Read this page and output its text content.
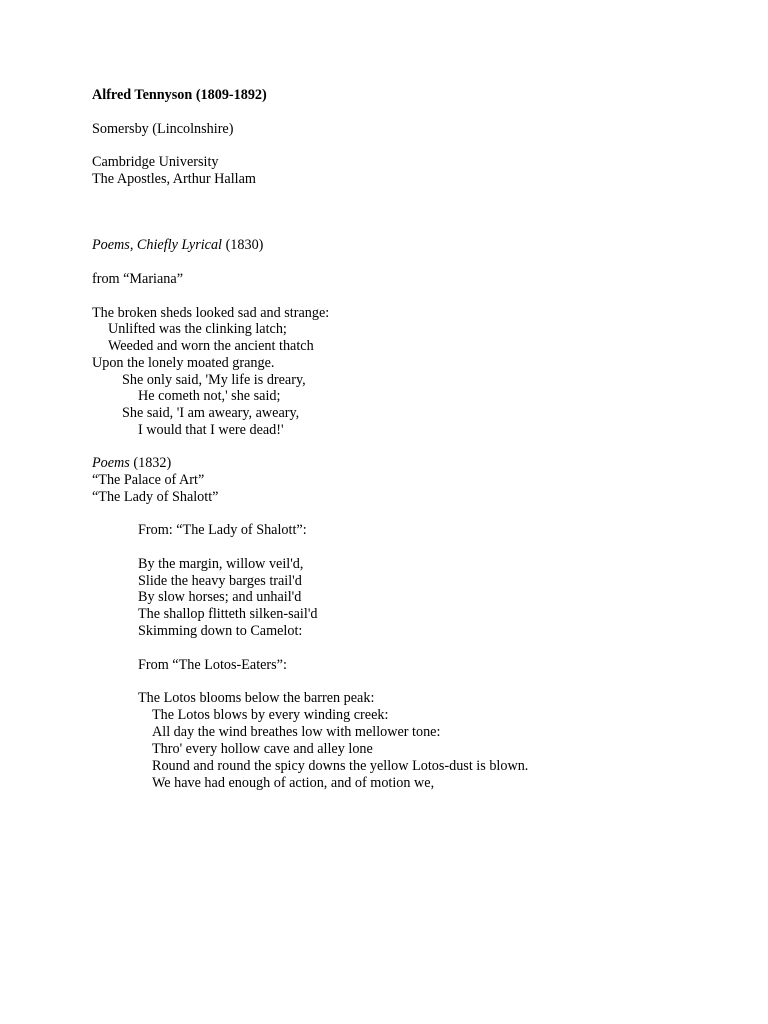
Alfred Tennyson (1809-1892)
Somersby (Lincolnshire)
Cambridge University
The Apostles, Arthur Hallam
Poems, Chiefly Lyrical (1830)
from “Mariana”
The broken sheds looked sad and strange:
Unlifted was the clinking latch;
Weeded and worn the ancient thatch
Upon the lonely moated grange.
She only said, 'My life is dreary,
He cometh not,' she said;
She said, 'I am aweary, aweary,
I would that I were dead!'
Poems (1832)
“The Palace of Art”
“The Lady of Shalott”
From: “The Lady of Shalott”:
By the margin, willow veil'd,
Slide the heavy barges trail'd
By slow horses; and unhail'd
The shallop flitteth silken-sail'd
Skimming down to Camelot:
From “The Lotos-Eaters”:
The Lotos blooms below the barren peak:
The Lotos blows by every winding creek:
All day the wind breathes low with mellower tone:
Thro' every hollow cave and alley lone
Round and round the spicy downs the yellow Lotos-dust is blown.
We have had enough of action, and of motion we,
